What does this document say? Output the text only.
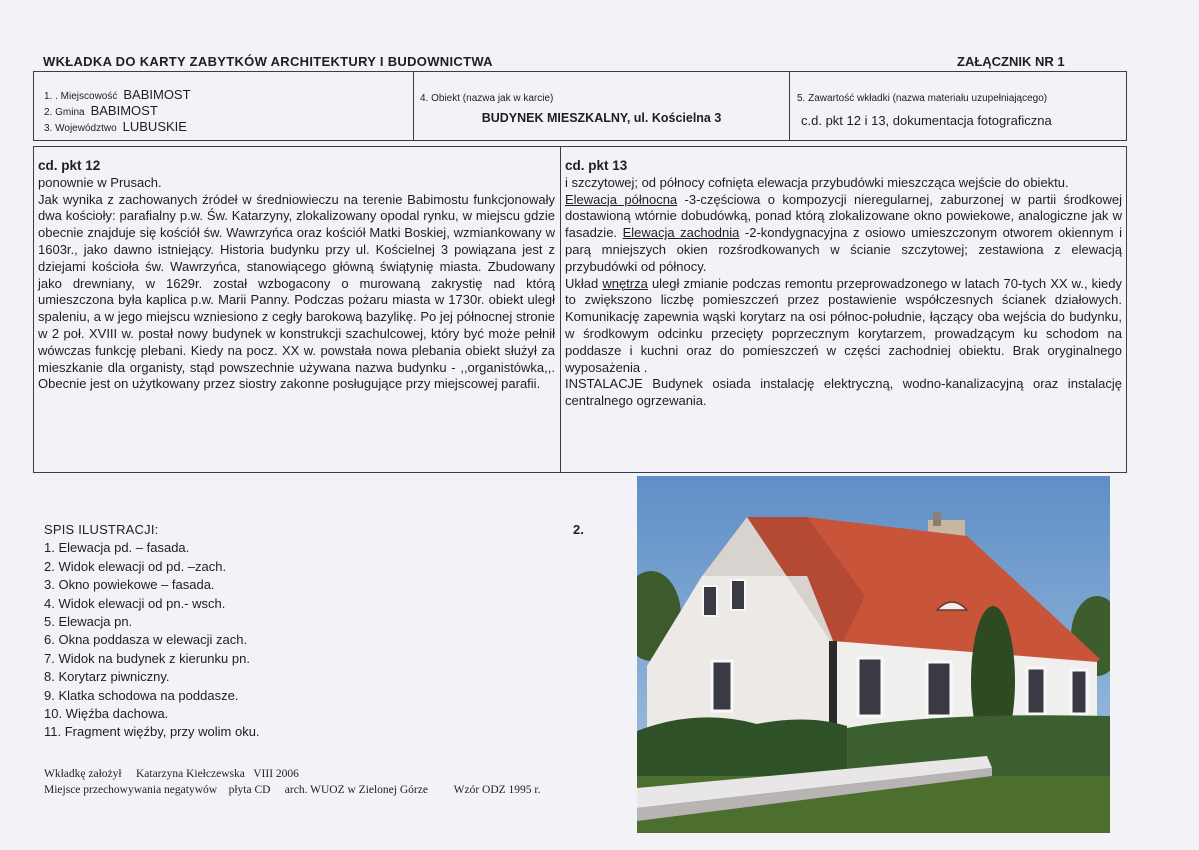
WKŁADKA DO KARTY ZABYTKÓW ARCHITEKTURY I BUDOWNICTWA	ZAŁĄCZNIK NR 1
1. . Miejscowość BABIMOST
2. Gmina BABIMOST
3. Województwo LUBUSKIE
4. Obiekt (nazwa jak w karcie)
BUDYNEK MIESZKALNY, ul. Kościelna 3
5. Zawartość wkładki (nazwa materiału uzupełniającego)
c.d. pkt 12 i 13, dokumentacja fotograficzna

cd. pkt 12

ponownie w Prusach.
Jak wynika z zachowanych źródeł w średniowieczu na terenie Babimostu funkcjonowały dwa kościoły: parafialny p.w. Św. Katarzyny, zlokalizowany opodal rynku, w miejscu gdzie obecnie znajduje się kościół św. Wawrzyńca oraz kościół Matki Boskiej, wzmiankowany w 1603r., jako dawno istniejący. Historia budynku przy ul. Kościelnej 3 powiązana jest z dziejami kościoła św. Wawrzyńca, stanowiącego główną świątynię miasta. Zbudowany jako drewniany, w 1629r. został wzbogacony o murowaną zakrystię nad którą umieszczona była kaplica p.w. Marii Panny. Podczas pożaru miasta w 1730r. obiekt uległ spaleniu, a w jego miejscu wzniesiono z cegły barokową bazylikę. Po jej północnej stronie w 2 poł. XVIII w. postał nowy budynek w konstrukcji szachulcowej, który być może pełnił wówczas funkcję plebani. Kiedy na pocz. XX w. powstała nowa plebania obiekt służył za mieszkanie dla organisty, stąd powszechnie używana nazwa budynku - ,,organistówka,,. Obecnie jest on użytkowany przez siostry zakonne posługujące przy miejscowej parafii.

cd. pkt 13

i szczytowej; od północy cofnięta elewacja przybudówki mieszcząca wejście do obiektu.

Elewacja północna -3-częściowa o kompozycji nieregularnej, zaburzonej w partii środkowej dostawioną wtórnie dobudówką, ponad którą zlokalizowane okno powiekowe, analogiczne jak w fasadzie. Elewacja zachodnia -2-kondygnacyjna z osiowo umieszczonym otworem okiennym i parą mniejszych okien rozśrodkowanych w ścianie szczytowej; zestawiona z elewacją przybudówki od północy.

Układ wnętrza uległ zmianie podczas remontu przeprowadzonego w latach 70-tych XX w., kiedy to zwiększono liczbę pomieszczeń przez postawienie współczesnych ścianek działowych. Komunikację zapewnia wąski korytarz na osi północ-południe, łączący oba wejścia do budynku, w środkowym odcinku przecięty poprzecznym korytarzem, prowadzącym ku schodom na poddasze i kuchni oraz do pomieszczeń w części zachodniej obiektu. Brak oryginalnego wyposażenia .

INSTALACJE Budynek osiada instalację elektryczną, wodno-kanalizacyjną oraz instalację centralnego ogrzewania.

SPIS ILUSTRACJI:
1. Elewacja pd. – fasada.
2. Widok elewacji od pd. –zach.
3. Okno powiekowe – fasada.
4. Widok elewacji od pn.- wsch.
5. Elewacja pn.
6. Okna poddasza w elewacji zach.
7. Widok na budynek z kierunku pn.
8. Korytarz piwniczny.
9. Klatka schodowa na poddasze.
10. Więźba dachowa.
11. Fragment więźby, przy wolim oku.
2.
Wkładkę założył     Katarzyna Kiełczewska   VIII 2006
Miejsce przechowywania negatywów    płyta CD     arch. WUOZ w Zielonej Górze         Wzór ODZ 1995 r.
